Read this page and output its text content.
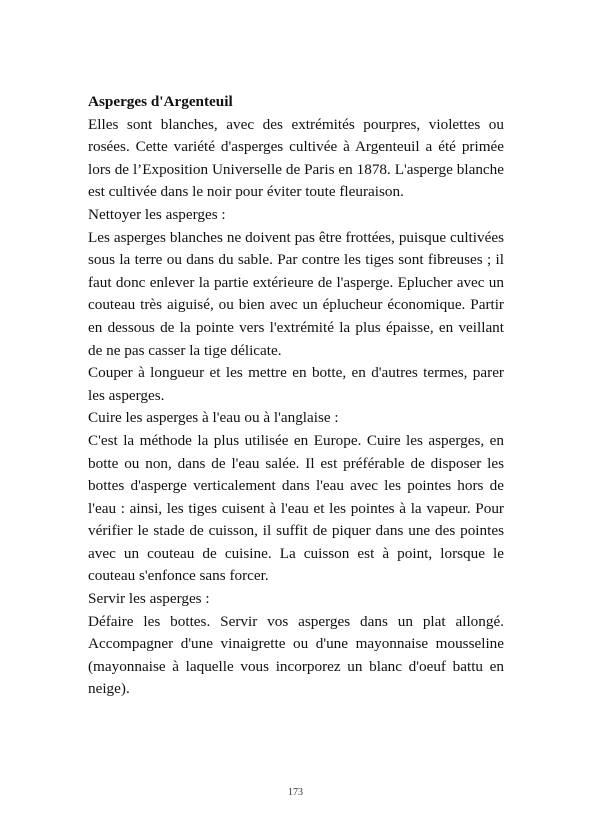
Asperges d'Argenteuil

Elles sont blanches, avec des extrémités pourpres, violettes ou rosées. Cette variété d'asperges cultivée à Argenteuil a été primée lors de l’Exposition Universelle de Paris en 1878. L'asperge blanche est cultivée dans le noir pour éviter toute fleuraison.

Nettoyer les asperges :

Les asperges blanches ne doivent pas être frottées, puisque cultivées sous la terre ou dans du sable. Par contre les tiges sont fibreuses ; il faut donc enlever la partie extérieure de l'asperge. Eplucher avec un couteau très aiguisé, ou bien avec un éplucheur économique. Partir en dessous de la pointe vers l'extrémité la plus épaisse, en veillant de ne pas casser la tige délicate.

Couper à longueur et les mettre en botte, en d'autres termes, parer les asperges.

Cuire les asperges à l'eau ou à l'anglaise :

C'est la méthode la plus utilisée en Europe. Cuire les asperges, en botte ou non, dans de l'eau salée. Il est préférable de disposer les bottes d'asperge verticalement dans l'eau avec les pointes hors de l'eau : ainsi, les tiges cuisent à l'eau et les pointes à la vapeur. Pour vérifier le stade de cuisson, il suffit de piquer dans une des pointes avec un couteau de cuisine. La cuisson est à point, lorsque le couteau s'enfonce sans forcer.

Servir les asperges :

Défaire les bottes. Servir vos asperges dans un plat allongé. Accompagner d'une vinaigrette ou d'une mayonnaise mousseline (mayonnaise à laquelle vous incorporez un blanc d'oeuf battu en neige).

173
